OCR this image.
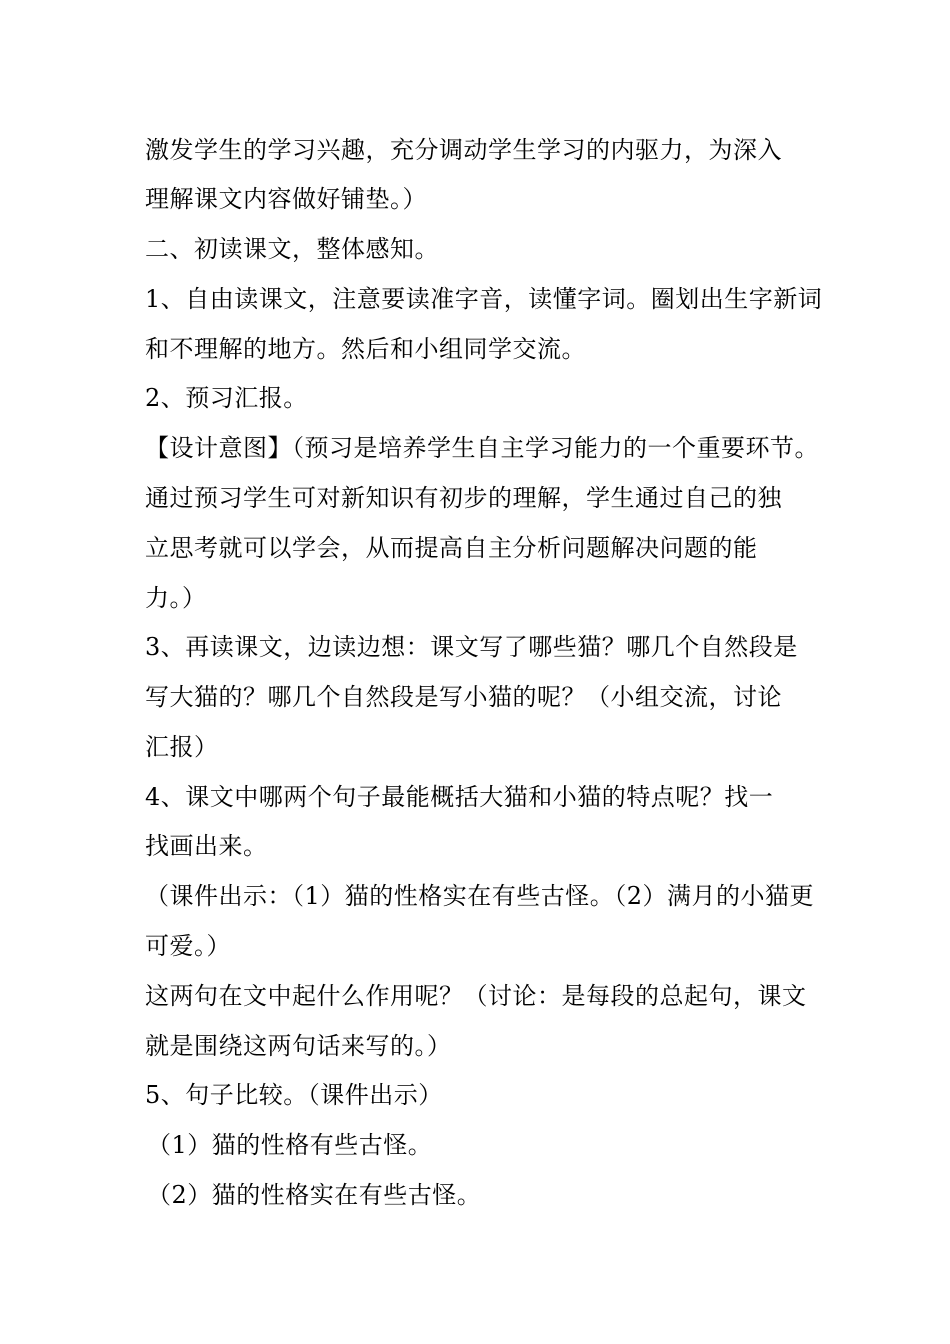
激发学生的学习兴趣，充分调动学生学习的内驱力，为深入
理解课文内容做好铺垫。）
二、初读课文，整体感知。
1、自由读课文，注意要读准字音，读懂字词。圈划出生字新词
和不理解的地方。然后和小组同学交流。
2、预习汇报。
【设计意图】（预习是培养学生自主学习能力的一个重要环节。
通过预习学生可对新知识有初步的理解，学生通过自己的独
立思考就可以学会，从而提高自主分析问题解决问题的能
力。）
3、再读课文，边读边想：课文写了哪些猫？哪几个自然段是
写大猫的？哪几个自然段是写小猫的呢？（小组交流，讨论
汇报）
4、课文中哪两个句子最能概括大猫和小猫的特点呢？找一
找画出来。
（课件出示：（1）猫的性格实在有些古怪。（2）满月的小猫更
可爱。）
这两句在文中起什么作用呢？（讨论：是每段的总起句，课文
就是围绕这两句话来写的。）
5、句子比较。（课件出示）
（1）猫的性格有些古怪。
（2）猫的性格实在有些古怪。
